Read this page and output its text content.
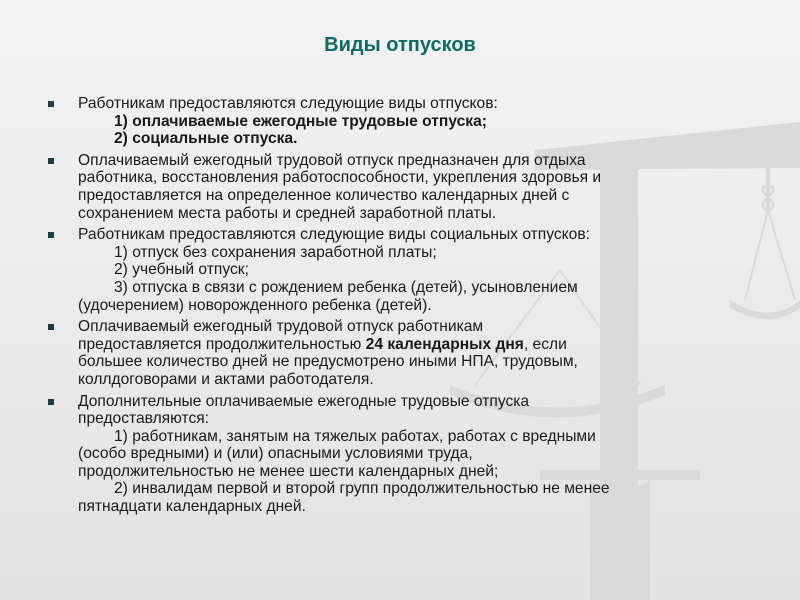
Виды отпусков
Работникам предоставляются следующие виды отпусков:
1) оплачиваемые ежегодные трудовые отпуска;
2) социальные отпуска.
Оплачиваемый ежегодный трудовой отпуск предназначен для отдыха
работника, восстановления работоспособности, укрепления здоровья и
предоставляется на определенное количество календарных дней с
сохранением места работы и средней заработной платы.
Работникам предоставляются следующие виды социальных отпусков:
1) отпуск без сохранения заработной платы;
2) учебный отпуск;
3) отпуска в связи с рождением ребенка (детей), усыновлением
(удочерением) новорожденного ребенка (детей).
Оплачиваемый ежегодный трудовой отпуск работникам
предоставляется продолжительностью 24 календарных дня, если
большее количество дней не предусмотрено иными НПА, трудовым,
коллдоговорами и актами работодателя.
Дополнительные оплачиваемые ежегодные трудовые отпуска
предоставляются:
1) работникам, занятым на тяжелых работах, работах с вредными
(особо вредными) и (или) опасными условиями труда,
продолжительностью не менее шести календарных дней;
2) инвалидам первой и второй групп продолжительностью не менее
пятнадцати календарных дней.
